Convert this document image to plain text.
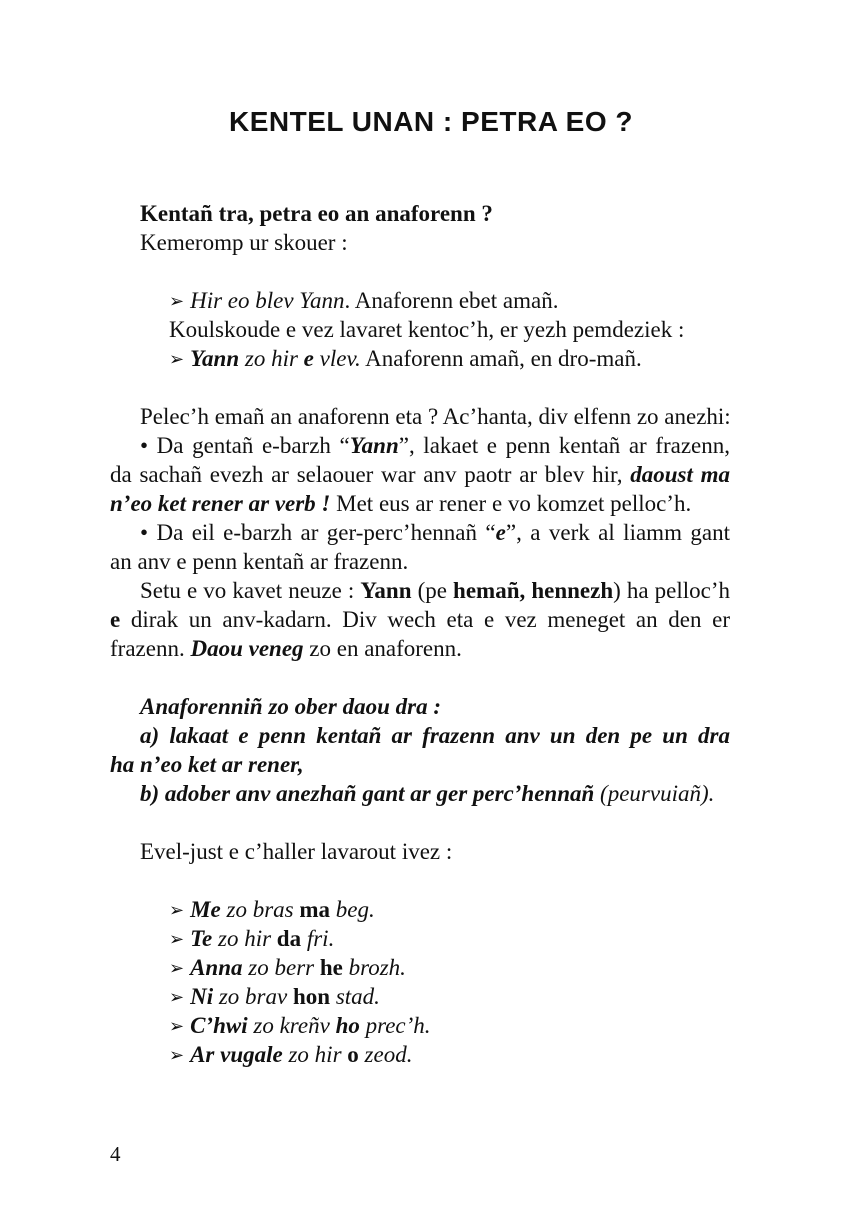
KENTEL UNAN : PETRA EO ?
Kentañ tra, petra eo an anaforenn ?
Kemeromp ur skouer :
➢ Hir eo blev Yann. Anaforenn ebet amañ.
Koulskoude e vez lavaret kentoc’h, er yezh pemdeziek :
➢ Yann zo hir e vlev. Anaforenn amañ, en dro-mañ.
Pelec’h emañ an anaforenn eta ? Ac’hanta, div elfenn zo anezhi:
• Da gentañ e-barzh “Yann”, lakaet e penn kentañ ar frazenn,
da sachañ evezh ar selaouer war anv paotr ar blev hir, daoust ma
n’eo ket rener ar verb ! Met eus ar rener e vo komzet pelloc’h.
• Da eil e-barzh ar ger-perc’hennañ “e”, a verk al liamm gant
an anv e penn kentañ ar frazenn.
Setu e vo kavet neuze : Yann (pe hemañ, hennezh) ha pelloc’h
e dirak un anv-kadarn. Div wech eta e vez meneget an den er
frazenn. Daou veneg zo en anaforenn.
Anaforenniñ zo ober daou dra :
a) lakaat e penn kentañ ar frazenn anv un den pe un dra
ha n’eo ket ar rener,
b) adober anv anezhañ gant ar ger perc’hennañ (peurvuiañ).
Evel-just e c’haller lavarout ivez :
➢ Me zo bras ma beg.
➢ Te zo hir da fri.
➢ Anna zo berr he brozh.
➢ Ni zo brav hon stad.
➢ C’hwi zo kreñv ho prec’h.
➢ Ar vugale zo hir o zeod.
4
